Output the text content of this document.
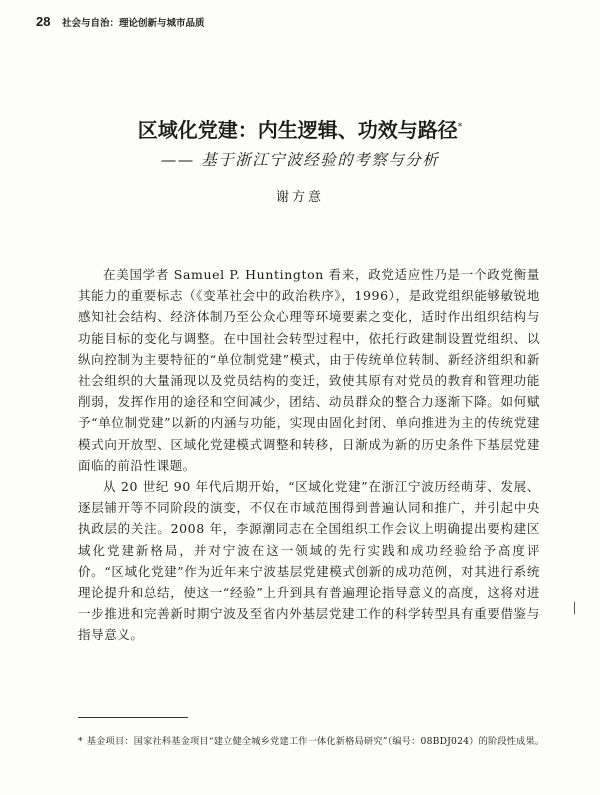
28 社会与自治：理论创新与城市品质
区域化党建：内生逻辑、功效与路径*
—— 基于浙江宁波经验的考察与分析
谢方意

在美国学者 Samuel P. Huntington 看来，政党适应性乃是一个政党衡量其能力的重要标志（《变革社会中的政治秩序》，1996），是政党组织能够敏锐地感知社会结构、经济体制乃至公众心理等环境要素之变化，适时作出组织结构与功能目标的变化与调整。在中国社会转型过程中，依托行政建制设置党组织、以纵向控制为主要特征的“单位制党建”模式，由于传统单位转制、新经济组织和新社会组织的大量涌现以及党员结构的变迁，致使其原有对党员的教育和管理功能削弱，发挥作用的途径和空间减少，团结、动员群众的整合力逐渐下降。如何赋予“单位制党建”以新的内涵与功能，实现由固化封闭、单向推进为主的传统党建模式向开放型、区域化党建模式调整和转移，日渐成为新的历史条件下基层党建面临的前沿性课题。

从 20 世纪 90 年代后期开始，“区域化党建”在浙江宁波历经萌芽、发展、逐层铺开等不同阶段的演变，不仅在市域范围得到普遍认同和推广，并引起中央执政层的关注。2008 年，李源潮同志在全国组织工作会议上明确提出要构建区域化党建新格局，并对宁波在这一领域的先行实践和成功经验给予高度评价。“区域化党建”作为近年来宁波基层党建模式创新的成功范例，对其进行系统理论提升和总结，使这一“经验”上升到具有普遍理论指导意义的高度，这将对进一步推进和完善新时期宁波及至省内外基层党建工作的科学转型具有重要借鉴与指导意义。

* 基金项目：国家社科基金项目“建立健全城乡党建工作一体化新格局研究”（编号：08BDJ024）的阶段性成果。
